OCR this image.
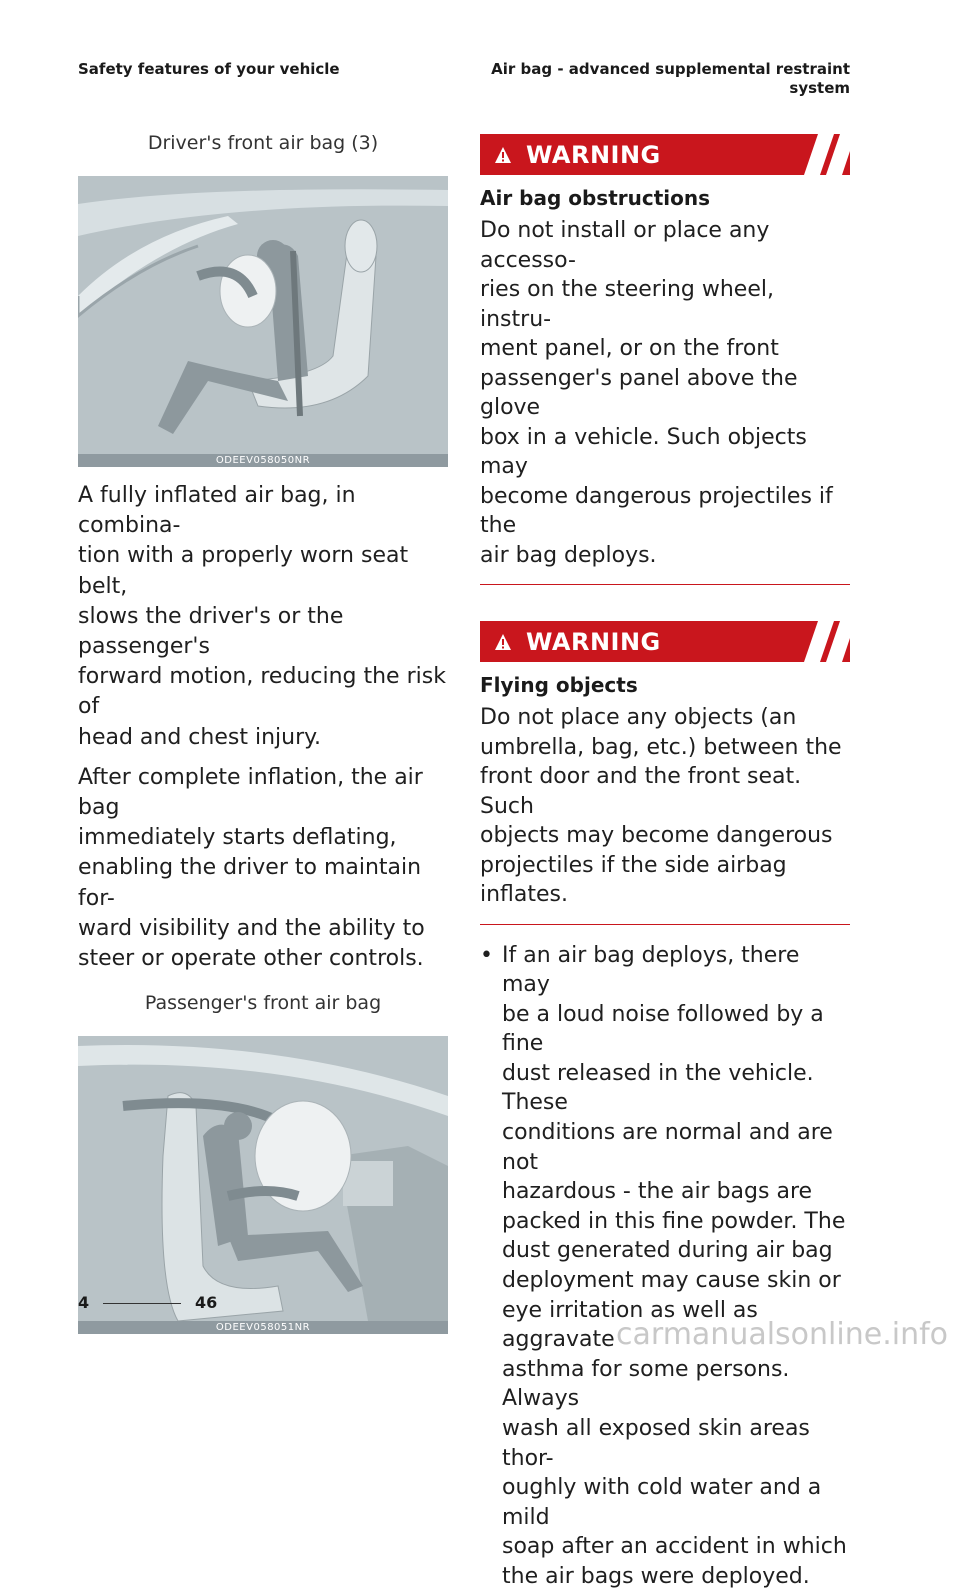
Safety features of your vehicle	Air bag - advanced supplemental restraint
system

Driver's front air bag (3)

ODEEV058050NR

A fully inflated air bag, in combina-

tion with a properly worn seat belt,

slows the driver's or the passenger's

forward motion, reducing the risk of

head and chest injury.

After complete inflation, the air bag

immediately starts deflating,

enabling the driver to maintain for-

ward visibility and the ability to

steer or operate other controls.

Passenger's front air bag

ODEEV058051NR
WARNING

Air bag obstructions

Do not install or place any accesso-

ries on the steering wheel, instru-

ment panel, or on the front

passenger's panel above the glove

box in a vehicle. Such objects may

become dangerous projectiles if the

air bag deploys.

WARNING

Flying objects

Do not place any objects (an

umbrella, bag, etc.) between the

front door and the front seat. Such

objects may become dangerous

projectiles if the side airbag inflates.

• If an air bag deploys, there may
be a loud noise followed by a fine
dust released in the vehicle. These
conditions are normal and are not
hazardous - the air bags are
packed in this fine powder. The
dust generated during air bag
deployment may cause skin or
eye irritation as well as aggravate
asthma for some persons. Always
wash all exposed skin areas thor-
oughly with cold water and a mild
soap after an accident in which
the air bags were deployed.
4	46
carmanualsonline.info
